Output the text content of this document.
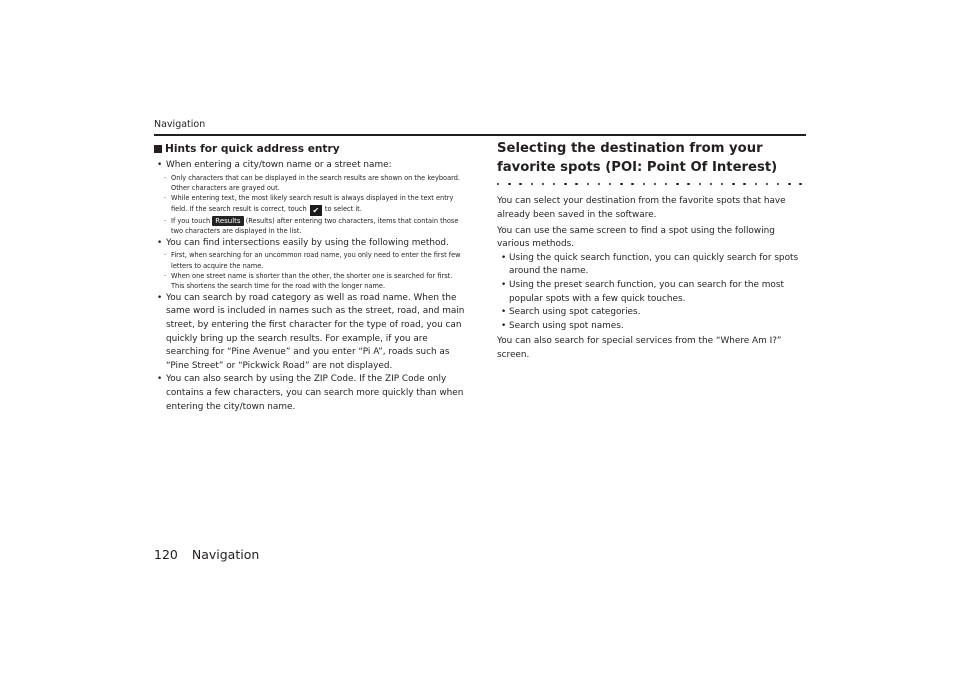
Navigation
Hints for quick address entry

• When entering a city/town name or a street name:

· Only characters that can be displayed in the search results are shown on the keyboard. Other characters are grayed out.

· While entering text, the most likely search result is always displayed in the text entry field. If the search result is correct, touch ✔ to select it.

· If you touch Results (Results) after entering two characters, items that contain those two characters are displayed in the list.

• You can find intersections easily by using the following method.

· First, when searching for an uncommon road name, you only need to enter the first few letters to acquire the name.

· When one street name is shorter than the other, the shorter one is searched for first. This shortens the search time for the road with the longer name.

• You can search by road category as well as road name. When the same word is included in names such as the street, road, and main street, by entering the first character for the type of road, you can quickly bring up the search results. For example, if you are searching for “Pine Avenue” and you enter “Pi A”, roads such as “Pine Street” or “Pickwick Road” are not displayed.

• You can also search by using the ZIP Code. If the ZIP Code only contains a few characters, you can search more quickly than when entering the city/town name.

Selecting the destination from your favorite spots (POI: Point Of Interest)

You can select your destination from the favorite spots that have already been saved in the software.

You can use the same screen to find a spot using the following various methods.

• Using the quick search function, you can quickly search for spots around the name.

• Using the preset search function, you can search for the most popular spots with a few quick touches.

• Search using spot categories.

• Search using spot names.

You can also search for special services from the “Where Am I?” screen.

120 Navigation
